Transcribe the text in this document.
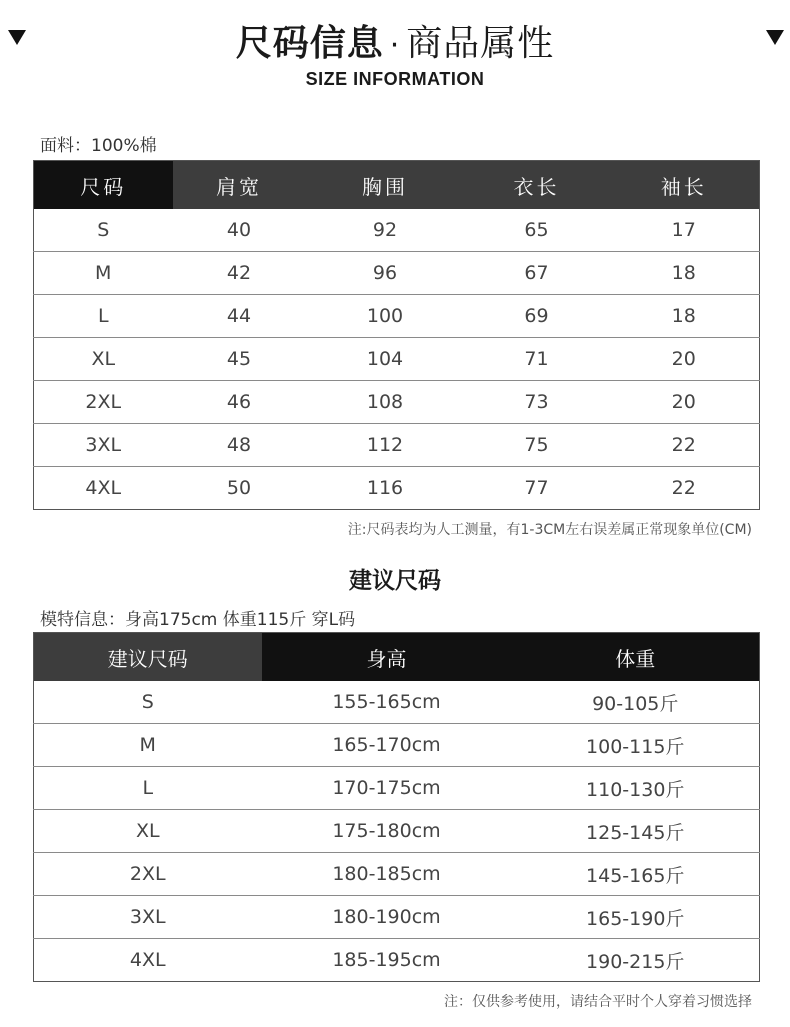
尺码信息 · 商品属性
SIZE INFORMATION
面料：100%棉
尺码	肩宽	胸围	衣长	袖长
S	40	92	65	17
M	42	96	67	18
L	44	100	69	18
XL	45	104	71	20
2XL	46	108	73	20
3XL	48	112	75	22
4XL	50	116	77	22
注:尺码表均为人工测量，有1-3CM左右误差属正常现象单位(CM)
建议尺码
模特信息：身高175cm 体重115斤 穿L码
建议尺码	身高	体重
S	155-165cm	90-105斤
M	165-170cm	100-115斤
L	170-175cm	110-130斤
XL	175-180cm	125-145斤
2XL	180-185cm	145-165斤
3XL	180-190cm	165-190斤
4XL	185-195cm	190-215斤
注：仅供参考使用，请结合平时个人穿着习惯选择
